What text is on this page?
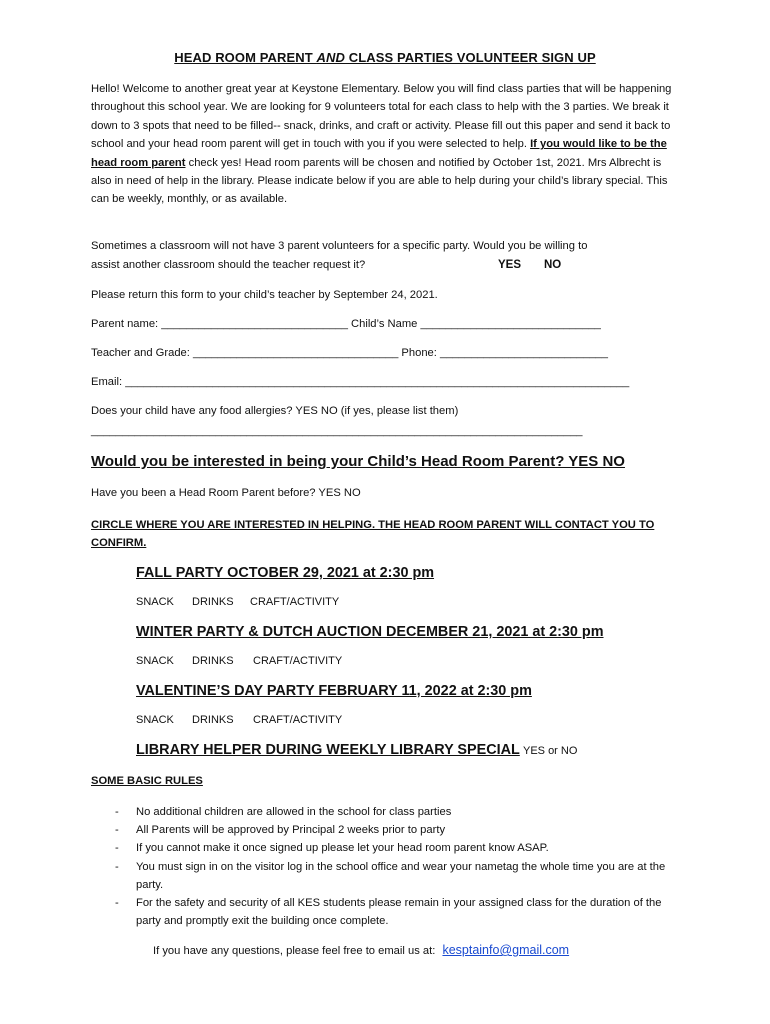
HEAD ROOM PARENT AND CLASS PARTIES VOLUNTEER SIGN UP
Hello! Welcome to another great year at Keystone Elementary. Below you will find class parties that will be happening throughout this school year. We are looking for 9 volunteers total for each class to help with the 3 parties. We break it down to 3 spots that need to be filled-- snack, drinks, and craft or activity. Please fill out this paper and send it back to school and your head room parent will get in touch with you if you were selected to help. If you would like to be the head room parent check yes! Head room parents will be chosen and notified by October 1st, 2021. Mrs Albrecht is also in need of help in the library. Please indicate below if you are able to help during your child’s library special. This can be weekly, monthly, or as available.
Sometimes a classroom will not have 3 parent volunteers for a specific party. Would you be willing to
assist another classroom should the teacher request it?	YES NO
Please return this form to your child’s teacher by September 24, 2021.
Parent name: ______________________________ Child’s Name _____________________________
Teacher and Grade: _________________________________ Phone: ___________________________
Email: _________________________________________________________________________________
Does your child have any food allergies? YES NO (if yes, please list them)
_______________________________________________________________________________
Would you be interested in being your Child’s Head Room Parent? YES NO
Have you been a Head Room Parent before? YES NO
CIRCLE WHERE YOU ARE INTERESTED IN HELPING. THE HEAD ROOM PARENT WILL CONTACT YOU TO CONFIRM.
FALL PARTY OCTOBER 29, 2021 at 2:30 pm
SNACK DRINKS CRAFT/ACTIVITY
WINTER PARTY & DUTCH AUCTION DECEMBER 21, 2021 at 2:30 pm
SNACK DRINKS CRAFT/ACTIVITY
VALENTINE’S DAY PARTY FEBRUARY 11, 2022 at 2:30 pm
SNACK DRINKS CRAFT/ACTIVITY
LIBRARY HELPER DURING WEEKLY LIBRARY SPECIAL YES or NO
SOME BASIC RULES
- No additional children are allowed in the school for class parties
- All Parents will be approved by Principal 2 weeks prior to party
- If you cannot make it once signed up please let your head room parent know ASAP.
- You must sign in on the visitor log in the school office and wear your nametag the whole time you are at the party.
- For the safety and security of all KES students please remain in your assigned class for the duration of the party and promptly exit the building once complete.
If you have any questions, please feel free to email us at: kesptainfo@gmail.com
